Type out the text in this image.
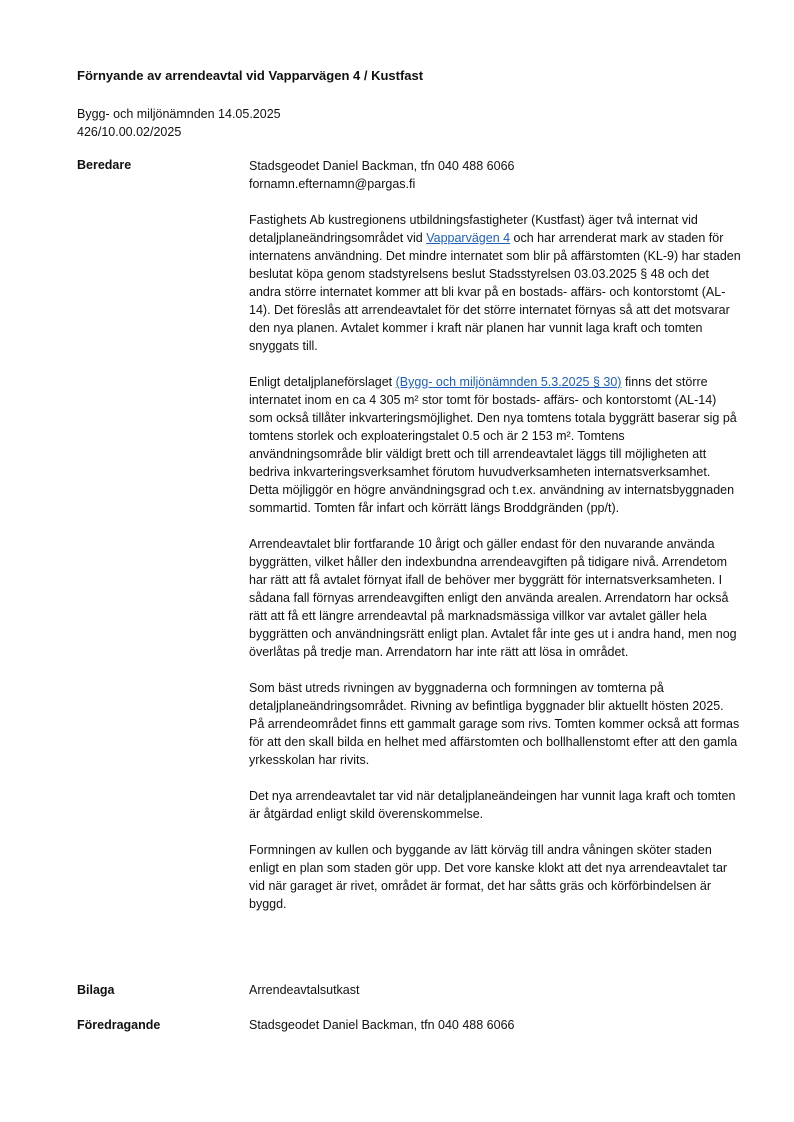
Förnyande av arrendeavtal vid Vapparvägen 4 / Kustfast
Bygg- och miljönämnden 14.05.2025
426/10.00.02/2025
Beredare	Stadsgeodet Daniel Backman, tfn 040 488 6066
fornamn.efternamn@pargas.fi

Fastighets Ab kustregionens utbildningsfastigheter (Kustfast) äger två internat vid detaljplaneändringsområdet vid Vapparvägen 4 och har arrenderat mark av staden för internatens användning. Det mindre internatet som blir på affärstomten (KL-9) har staden beslutat köpa genom stadstyrelsens beslut Stadsstyrelsen 03.03.2025 § 48 och det andra större internatet kommer att bli kvar på en bostads- affärs- och kontorstomt (AL-14). Det föreslås att arrendeavtalet för det större internatet förnyas så att det motsvarar den nya planen. Avtalet kommer i kraft när planen har vunnit laga kraft och tomten snyggats till.

Enligt detaljplaneförslaget (Bygg- och miljönämnden 5.3.2025 § 30) finns det större internatet inom en ca 4 305 m² stor tomt för bostads- affärs- och kontorstomt (AL-14) som också tillåter inkvarteringsmöjlighet. Den nya tomtens totala byggrätt baserar sig på tomtens storlek och exploateringstalet 0.5 och är 2 153 m². Tomtens användningsområde blir väldigt brett och till arrendeavtalet läggs till möjligheten att bedriva inkvarteringsverksamhet förutom huvudverksamheten internatsverksamhet. Detta möjliggör en högre användningsgrad och t.ex. användning av internatsbyggnaden sommartid. Tomten får infart och körrätt längs Broddgränden (pp/t).

Arrendeavtalet blir fortfarande 10 årigt och gäller endast för den nuvarande använda byggrätten, vilket håller den indexbundna arrendeavgiften på tidigare nivå. Arrendetom har rätt att få avtalet förnyat ifall de behöver mer byggrätt för internatsverksamheten. I sådana fall förnyas arrendeavgiften enligt den använda arealen. Arrendatorn har också rätt att få ett längre arrendeavtal på marknadsmässiga villkor var avtalet gäller hela byggrätten och användningsrätt enligt plan. Avtalet får inte ges ut i andra hand, men nog överlåtas på tredje man. Arrendatorn har inte rätt att lösa in området.

Som bäst utreds rivningen av byggnaderna och formningen av tomterna på detaljplaneändringsområdet. Rivning av befintliga byggnader blir aktuellt hösten 2025. På arrendeområdet finns ett gammalt garage som rivs. Tomten kommer också att formas för att den skall bilda en helhet med affärstomten och bollhallenstomt efter att den gamla yrkesskolan har rivits.

Det nya arrendeavtalet tar vid när detaljplaneändeingen har vunnit laga kraft och tomten är åtgärdad enligt skild överenskommelse.

Formningen av kullen och byggande av lätt körväg till andra våningen sköter staden enligt en plan som staden gör upp. Det vore kanske klokt att det nya arrendeavtalet tar vid när garaget är rivet, området är format, det har såtts gräs och körförbindelsen är byggd.

Bilaga	Arrendeavtalsutkast
Föredragande	Stadsgeodet Daniel Backman, tfn 040 488 6066
